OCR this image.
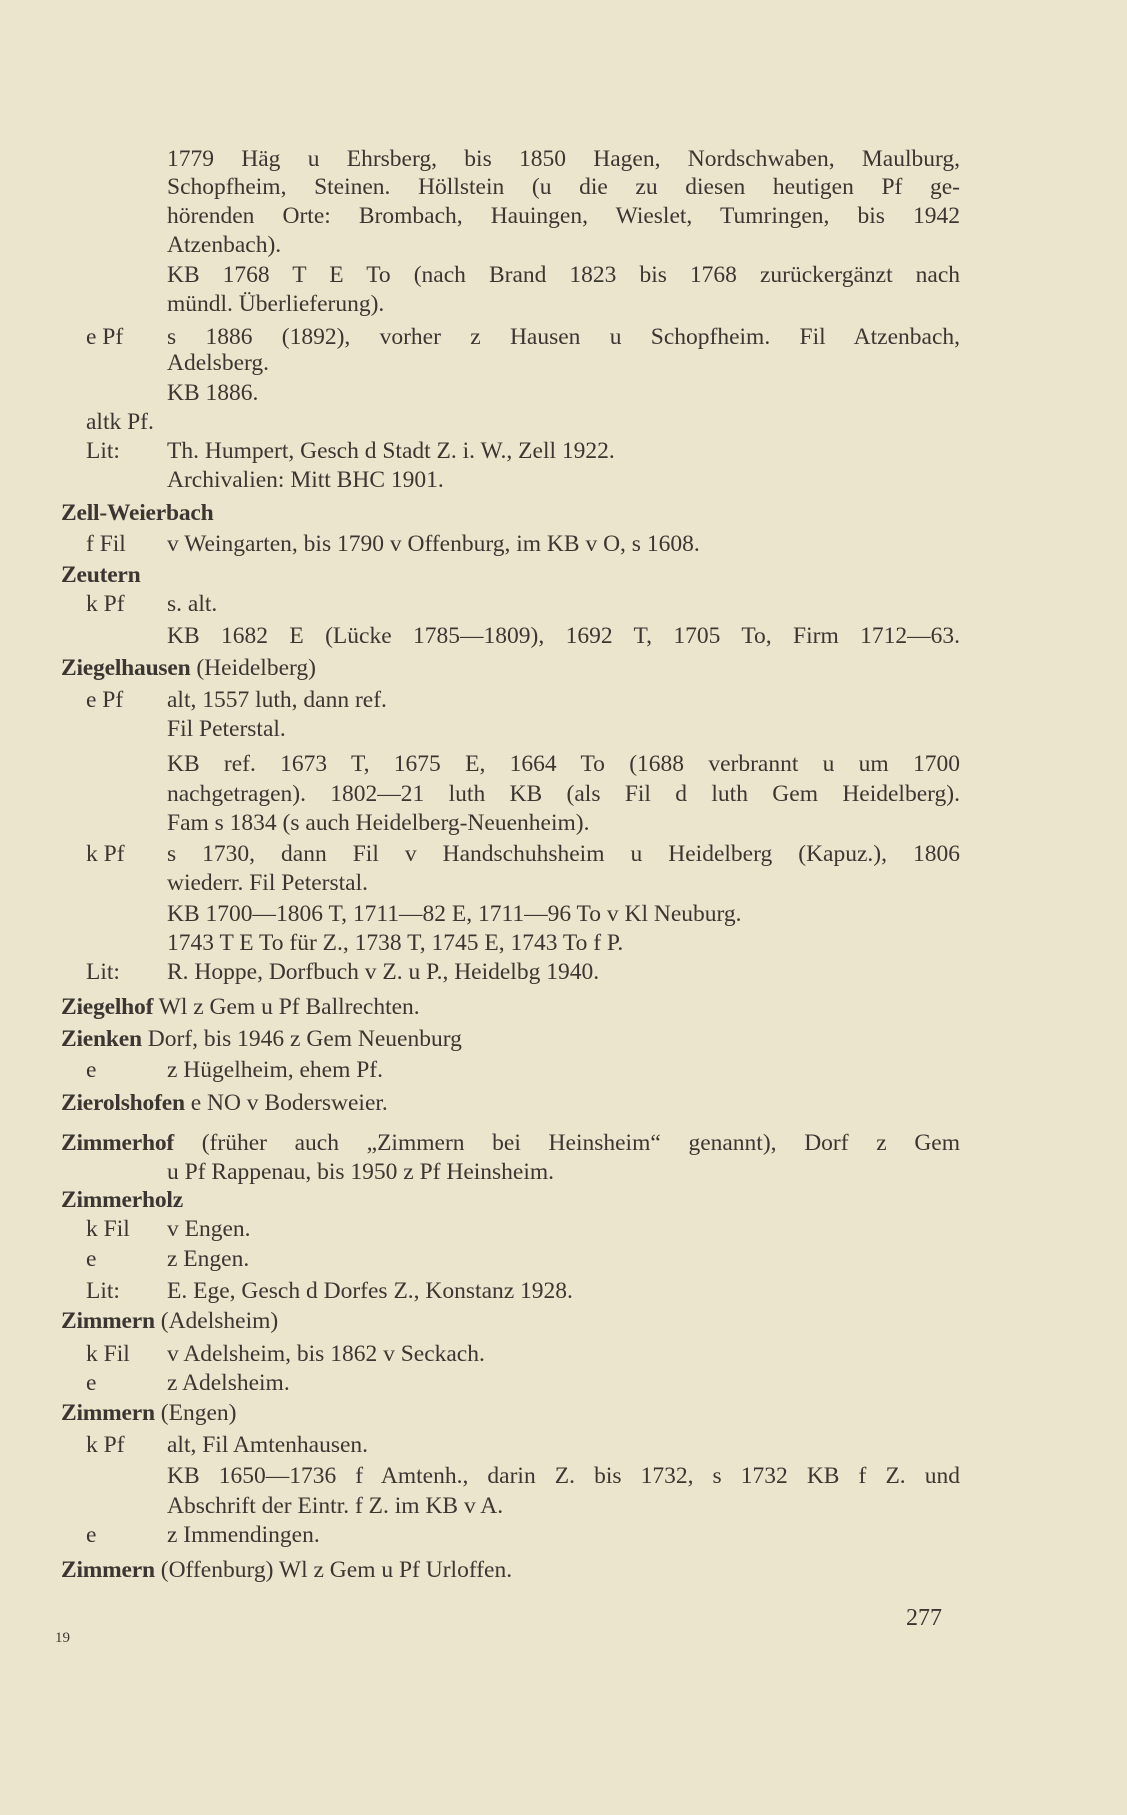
1779 Häg u Ehrsberg, bis 1850 Hagen, Nordschwaben, Maulburg,
Schopfheim, Steinen. Höllstein (u die zu diesen heutigen Pf ge-
hörenden Orte: Brombach, Hauingen, Wieslet, Tumringen, bis 1942
Atzenbach).
KB 1768 T E To (nach Brand 1823 bis 1768 zurückergänzt nach
mündl. Überlieferung).
e Pf s 1886 (1892), vorher z Hausen u Schopfheim. Fil Atzenbach,
Adelsberg.
KB 1886.
altk Pf.
Lit: Th. Humpert, Gesch d Stadt Z. i. W., Zell 1922.
Archivalien: Mitt BHC 1901.
Zell-Weierbach
f Fil v Weingarten, bis 1790 v Offenburg, im KB v O, s 1608.
Zeutern
k Pf s. alt.
KB 1682 E (Lücke 1785—1809), 1692 T, 1705 To, Firm 1712—63.
Ziegelhausen (Heidelberg)
e Pf alt, 1557 luth, dann ref.
Fil Peterstal.
KB ref. 1673 T, 1675 E, 1664 To (1688 verbrannt u um 1700
nachgetragen). 1802—21 luth KB (als Fil d luth Gem Heidelberg).
Fam s 1834 (s auch Heidelberg-Neuenheim).
k Pf s 1730, dann Fil v Handschuhsheim u Heidelberg (Kapuz.), 1806
wiederr. Fil Peterstal.
KB 1700—1806 T, 1711—82 E, 1711—96 To v Kl Neuburg.
1743 T E To für Z., 1738 T, 1745 E, 1743 To f P.
Lit: R. Hoppe, Dorfbuch v Z. u P., Heidelbg 1940.
Ziegelhof Wl z Gem u Pf Ballrechten.
Zienken Dorf, bis 1946 z Gem Neuenburg
e	z Hügelheim, ehem Pf.
Zierolshofen e NO v Bodersweier.
Zimmerhof (früher auch „Zimmern bei Heinsheim“ genannt), Dorf z Gem
u Pf Rappenau, bis 1950 z Pf Heinsheim.
Zimmerholz
k Fil v Engen.
e	z Engen.
Lit: E. Ege, Gesch d Dorfes Z., Konstanz 1928.
Zimmern (Adelsheim)
k Fil v Adelsheim, bis 1862 v Seckach.
e	z Adelsheim.
Zimmern (Engen)
k Pf alt, Fil Amtenhausen.
KB 1650—1736 f Amtenh., darin Z. bis 1732, s 1732 KB f Z. und
Abschrift der Eintr. f Z. im KB v A.
e	z Immendingen.
Zimmern (Offenburg) Wl z Gem u Pf Urloffen.
277
19
